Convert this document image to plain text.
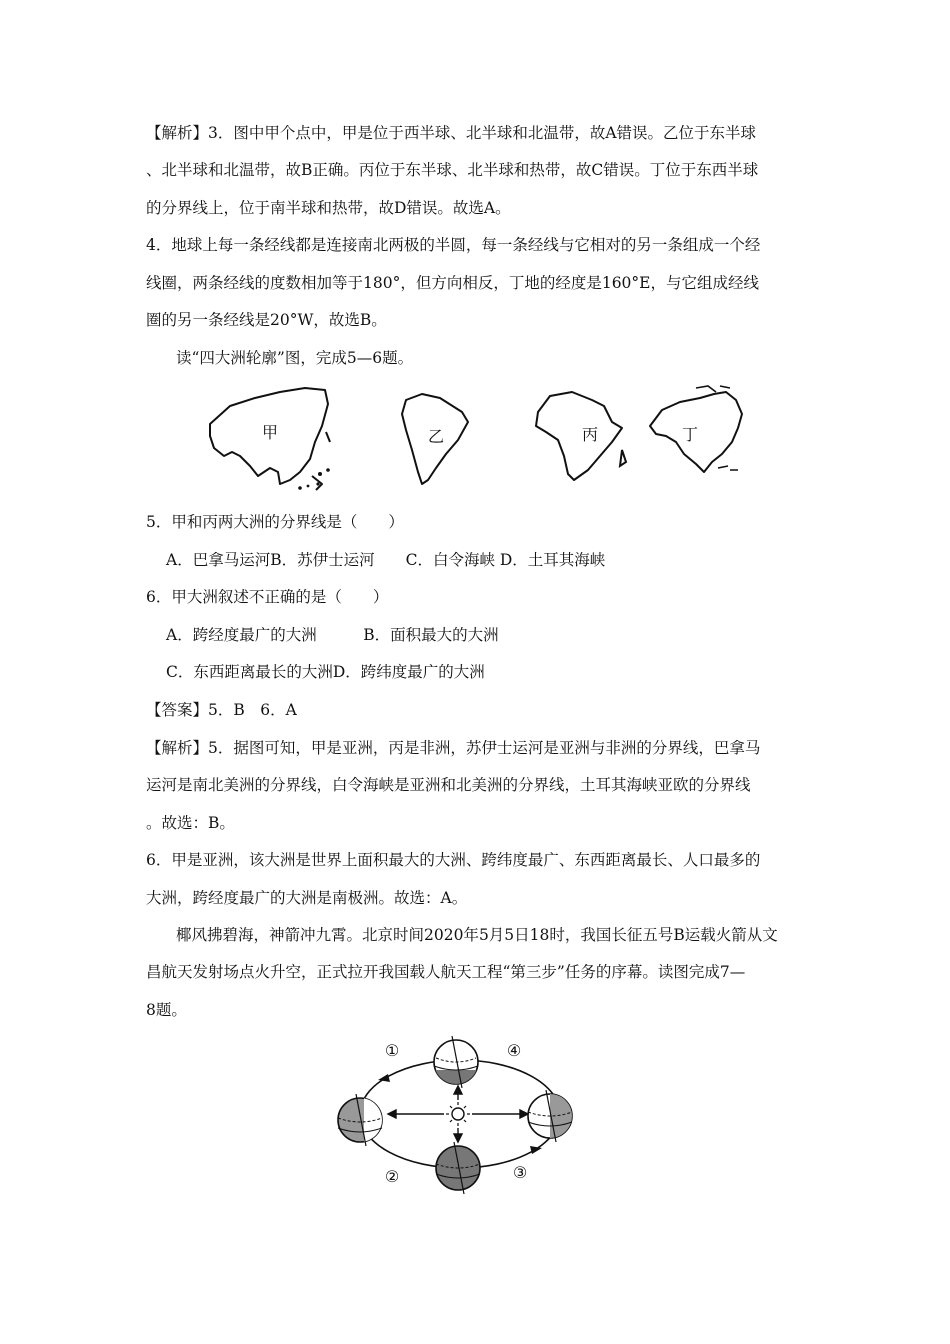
【解析】3．图中甲个点中，甲是位于西半球、北半球和北温带，故A错误。乙位于东半球
、北半球和北温带，故B正确。丙位于东半球、北半球和热带，故C错误。丁位于东西半球
的分界线上，位于南半球和热带，故D错误。故选A。
4．地球上每一条经线都是连接南北两极的半圆，每一条经线与它相对的另一条组成一个经
线圈，两条经线的度数相加等于180°，但方向相反，丁地的经度是160°E，与它组成经线
圈的另一条经线是20°W，故选B。
读“四大洲轮廓”图，完成5—6题。
甲	乙	丙	丁
5．甲和丙两大洲的分界线是（　　）
A．巴拿马运河B．苏伊士运河　　C．白令海峡 D．土耳其海峡
6．甲大洲叙述不正确的是（　　）
A．跨经度最广的大洲　　　B．面积最大的大洲
C．东西距离最长的大洲D．跨纬度最广的大洲
【答案】5．B　6．A
【解析】5．据图可知，甲是亚洲，丙是非洲，苏伊士运河是亚洲与非洲的分界线，巴拿马
运河是南北美洲的分界线，白令海峡是亚洲和北美洲的分界线，土耳其海峡亚欧的分界线
。故选：B。
6．甲是亚洲，该大洲是世界上面积最大的大洲、跨纬度最广、东西距离最长、人口最多的
大洲，跨经度最广的大洲是南极洲。故选：A。
椰风拂碧海，神箭冲九霄。北京时间2020年5月5日18时，我国长征五号B运载火箭从文
昌航天发射场点火升空，正式拉开我国载人航天工程“第三步”任务的序幕。读图完成7—
8题。
①	④
②	③
